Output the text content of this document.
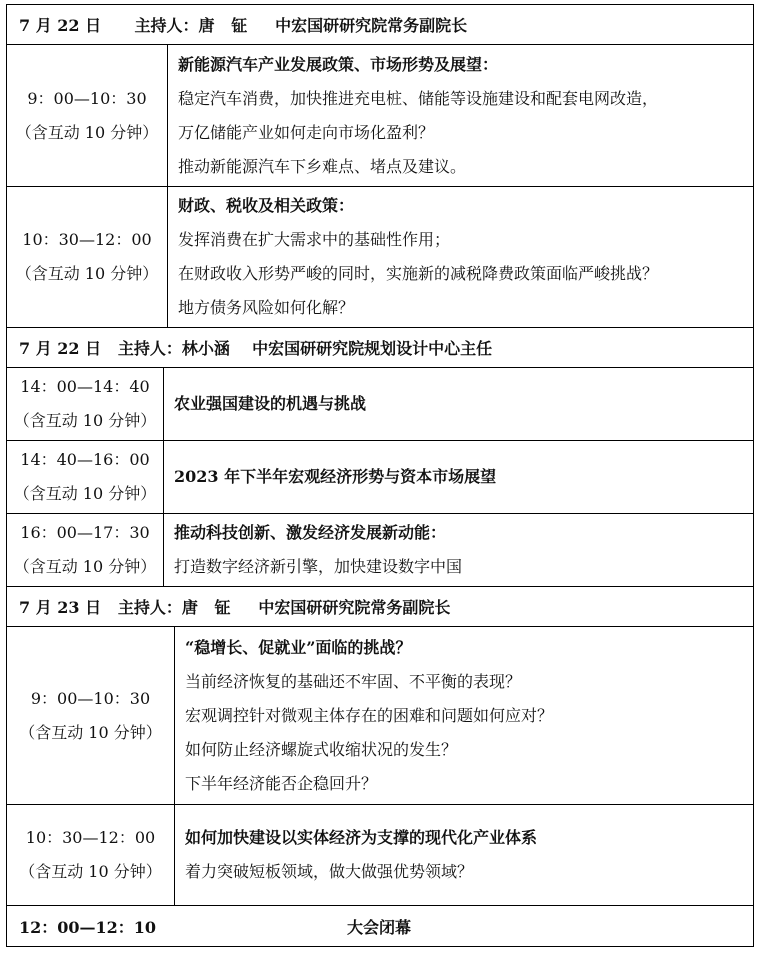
7 月 22 日      主持人：唐   钲     中宏国研研究院常务副院长
9：00—10：30
（含互动 10 分钟）
新能源汽车产业发展政策、市场形势及展望：
稳定汽车消费，加快推进充电桩、储能等设施建设和配套电网改造，
万亿储能产业如何走向市场化盈利？
推动新能源汽车下乡难点、堵点及建议。
10：30—12：00
（含互动 10 分钟）
财政、税收及相关政策：
发挥消费在扩大需求中的基础性作用；
在财政收入形势严峻的同时，实施新的减税降费政策面临严峻挑战？
地方债务风险如何化解？
7 月 22 日   主持人：林小涵    中宏国研研究院规划设计中心主任
14：00—14：40
（含互动 10 分钟）
农业强国建设的机遇与挑战
14：40—16：00
（含互动 10 分钟）
2023 年下半年宏观经济形势与资本市场展望
16：00—17：30
（含互动 10 分钟）
推动科技创新、激发经济发展新动能：
打造数字经济新引擎，加快建设数字中国
7 月 23 日   主持人：唐   钲     中宏国研研究院常务副院长
9：00—10：30
（含互动 10 分钟）
“稳增长、促就业”面临的挑战？
当前经济恢复的基础还不牢固、不平衡的表现？
宏观调控针对微观主体存在的困难和问题如何应对？
如何防止经济螺旋式收缩状况的发生？
下半年经济能否企稳回升？
10：30—12：00
（含互动 10 分钟）
如何加快建设以实体经济为支撑的现代化产业体系
着力突破短板领域，做大做强优势领域？
12：00—12：10	大会闭幕
